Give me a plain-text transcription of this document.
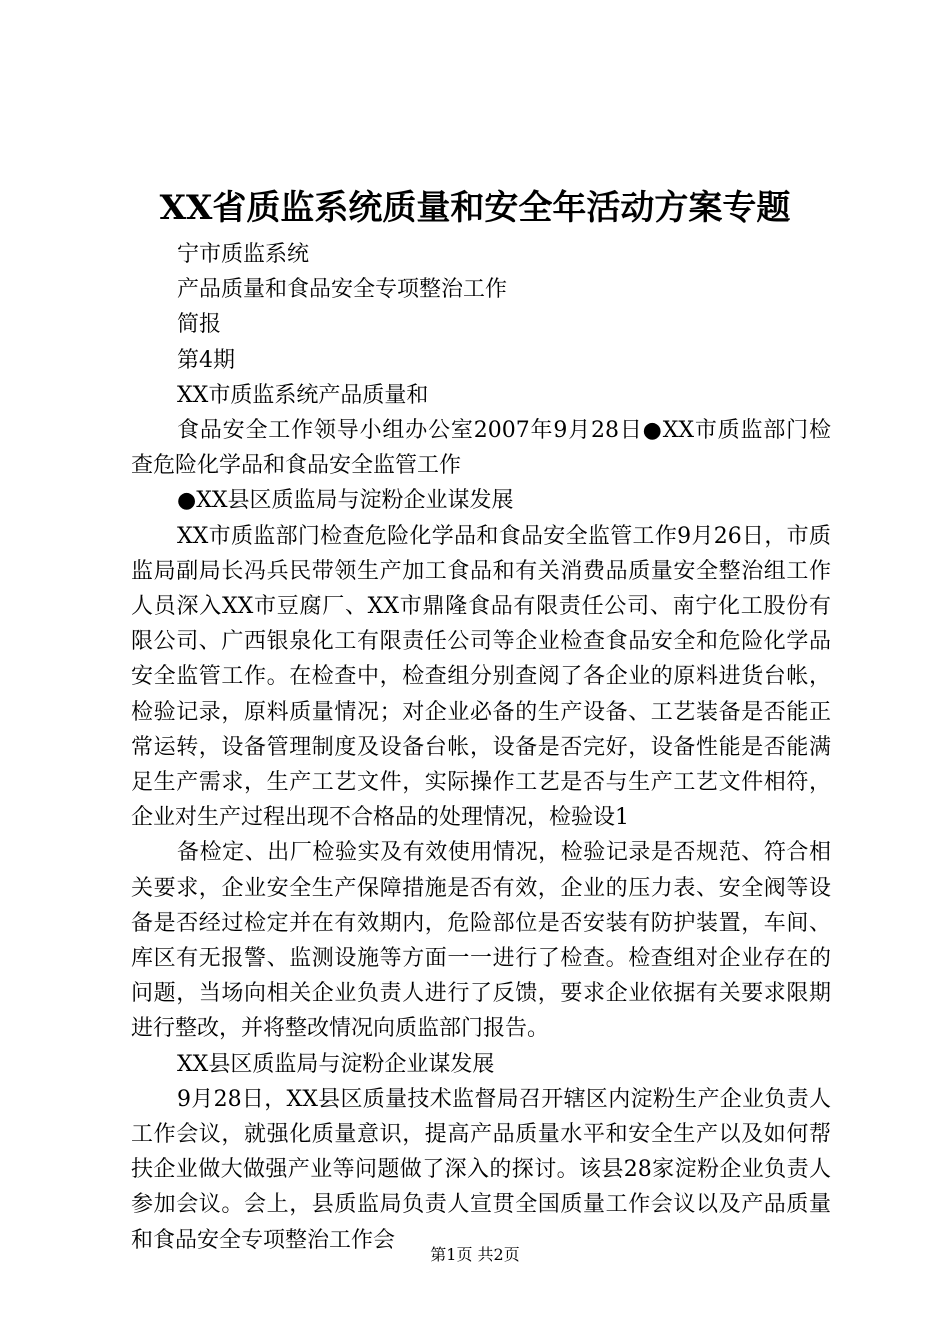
XX省质监系统质量和安全年活动方案专题
宁市质监系统
产品质量和食品安全专项整治工作
简报
第4期
XX市质监系统产品质量和

食品安全工作领导小组办公室2007年9月28日●XX市质监部门检查危险化学品和食品安全监管工作

●XX县区质监局与淀粉企业谋发展

XX市质监部门检查危险化学品和食品安全监管工作9月26日，市质监局副局长冯兵民带领生产加工食品和有关消费品质量安全整治组工作人员深入XX市豆腐厂、XX市鼎隆食品有限责任公司、南宁化工股份有限公司、广西银泉化工有限责任公司等企业检查食品安全和危险化学品安全监管工作。在检查中，检查组分别查阅了各企业的原料进货台帐，检验记录，原料质量情况；对企业必备的生产设备、工艺装备是否能正常运转，设备管理制度及设备台帐，设备是否完好，设备性能是否能满足生产需求，生产工艺文件，实际操作工艺是否与生产工艺文件相符，企业对生产过程出现不合格品的处理情况，检验设1

备检定、出厂检验实及有效使用情况，检验记录是否规范、符合相关要求，企业安全生产保障措施是否有效，企业的压力表、安全阀等设备是否经过检定并在有效期内，危险部位是否安装有防护装置，车间、库区有无报警、监测设施等方面一一进行了检查。检查组对企业存在的问题，当场向相关企业负责人进行了反馈，要求企业依据有关要求限期进行整改，并将整改情况向质监部门报告。

XX县区质监局与淀粉企业谋发展

9月28日，XX县区质量技术监督局召开辖区内淀粉生产企业负责人工作会议，就强化质量意识，提高产品质量水平和安全生产以及如何帮扶企业做大做强产业等问题做了深入的探讨。该县28家淀粉企业负责人参加会议。会上，县质监局负责人宣贯全国质量工作会议以及产品质量和食品安全专项整治工作会

第1页 共2页
